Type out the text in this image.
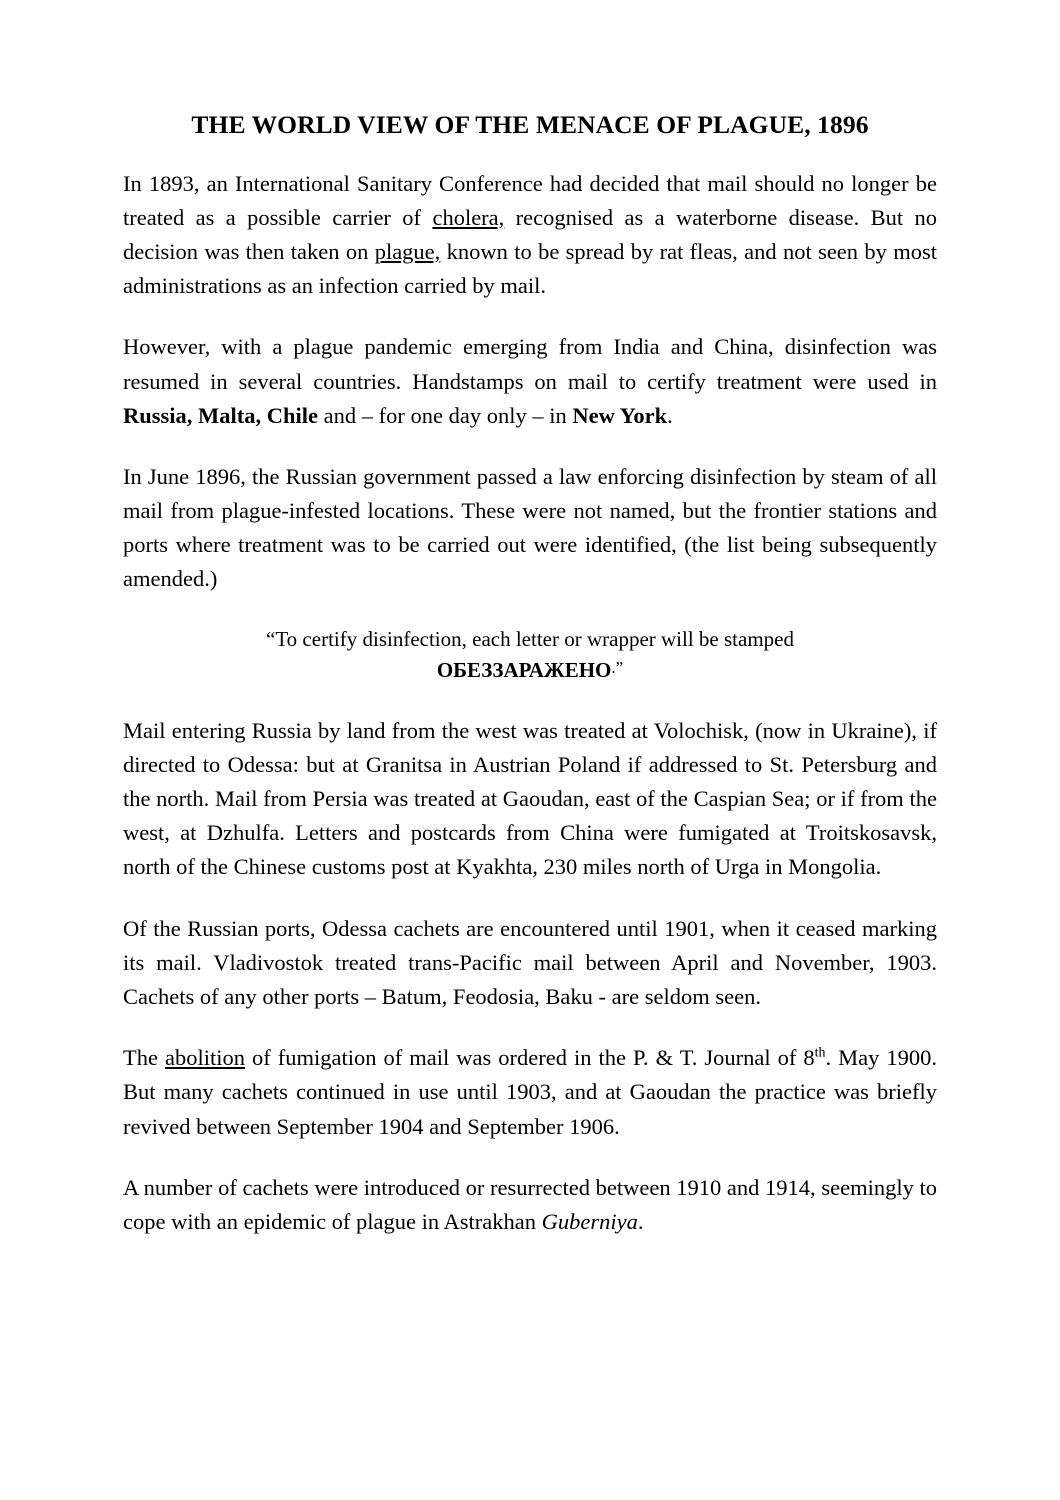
THE WORLD VIEW OF THE MENACE OF PLAGUE, 1896

In 1893, an International Sanitary Conference had decided that mail should no longer be treated as a possible carrier of cholera, recognised as a waterborne disease. But no decision was then taken on plague, known to be spread by rat fleas, and not seen by most administrations as an infection carried by mail.

However, with a plague pandemic emerging from India and China, disinfection was resumed in several countries. Handstamps on mail to certify treatment were used in Russia, Malta, Chile and – for one day only – in New York.

In June 1896, the Russian government passed a law enforcing disinfection by steam of all mail from plague-infested locations. These were not named, but the frontier stations and ports where treatment was to be carried out were identified, (the list being subsequently amended.)

“To certify disinfection, each letter or wrapper will be stamped
ОБЕЗЗАРАЖЕНО.”

Mail entering Russia by land from the west was treated at Volochisk, (now in Ukraine), if directed to Odessa: but at Granitsa in Austrian Poland if addressed to St. Petersburg and the north. Mail from Persia was treated at Gaoudan, east of the Caspian Sea; or if from the west, at Dzhulfa. Letters and postcards from China were fumigated at Troitskosavsk, north of the Chinese customs post at Kyakhta, 230 miles north of Urga in Mongolia.

Of the Russian ports, Odessa cachets are encountered until 1901, when it ceased marking its mail. Vladivostok treated trans-Pacific mail between April and November, 1903. Cachets of any other ports – Batum, Feodosia, Baku - are seldom seen.

The abolition of fumigation of mail was ordered in the P. & T. Journal of 8th. May 1900. But many cachets continued in use until 1903, and at Gaoudan the practice was briefly revived between September 1904 and September 1906.

A number of cachets were introduced or resurrected between 1910 and 1914, seemingly to cope with an epidemic of plague in Astrakhan Guberniya.
